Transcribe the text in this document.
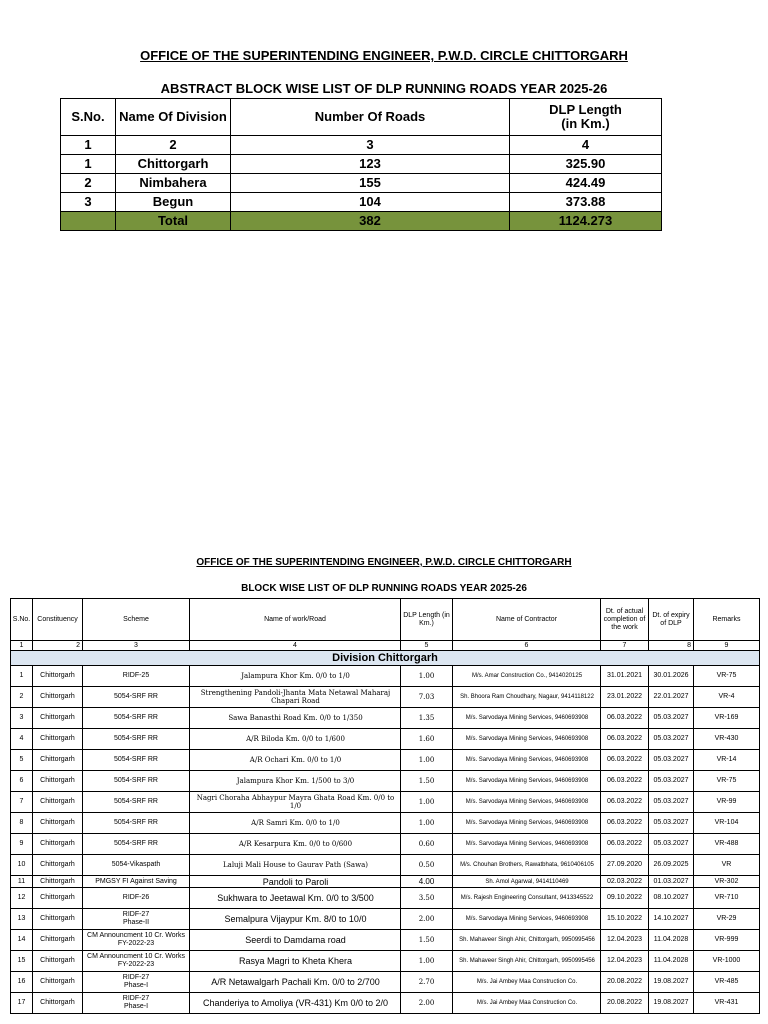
OFFICE OF THE SUPERINTENDING ENGINEER, P.W.D. CIRCLE CHITTORGARH
ABSTRACT BLOCK WISE LIST OF DLP RUNNING ROADS YEAR 2025-26
S.No.	Name Of Division	Number Of Roads	DLP Length
(in Km.)
1	2	3	4
1	Chittorgarh	123	325.90
2	Nimbahera	155	424.49
3	Begun	104	373.88
	Total	382	1124.273
OFFICE OF THE SUPERINTENDING ENGINEER, P.W.D. CIRCLE CHITTORGARH
BLOCK WISE LIST OF DLP RUNNING ROADS YEAR 2025-26
S.No.	Constituency	Scheme	Name of work/Road	DLP Length (in Km.)	Name of Contractor	Dt. of actual completion of the work	Dt. of expiry of DLP	Remarks
1	2	3	4	5	6	7	8	9
Division Chittorgarh								
1	Chittorgarh	RIDF-25	Jalampura Khor Km. 0/0 to 1/0	1.00	M/s. Amar Construction Co., 9414020125	31.01.2021	30.01.2026	VR-75
2	Chittorgarh	5054-SRF RR	Strengthening Pandoli-Jhanta Mata Netawal Maharaj Chapari Road	7.03	Sh. Bhoora Ram Choudhary, Nagaur, 9414118122	23.01.2022	22.01.2027	VR-4
3	Chittorgarh	5054-SRF RR	Sawa Banasthi Road Km. 0/0 to 1/350	1.35	M/s. Sarvodaya Mining Services, 9460693908	06.03.2022	05.03.2027	VR-169
4	Chittorgarh	5054-SRF RR	A/R Biloda Km. 0/0 to 1/600	1.60	M/s. Sarvodaya Mining Services, 9460693908	06.03.2022	05.03.2027	VR-430
5	Chittorgarh	5054-SRF RR	A/R Ochari Km. 0/0 to 1/0	1.00	M/s. Sarvodaya Mining Services, 9460693908	06.03.2022	05.03.2027	VR-14
6	Chittorgarh	5054-SRF RR	Jalampura Khor Km. 1/500 to 3/0	1.50	M/s. Sarvodaya Mining Services, 9460693908	06.03.2022	05.03.2027	VR-75
7	Chittorgarh	5054-SRF RR	Nagri Choraha Abhaypur Mayra Ghata Road Km. 0/0 to 1/0	1.00	M/s. Sarvodaya Mining Services, 9460693908	06.03.2022	05.03.2027	VR-99
8	Chittorgarh	5054-SRF RR	A/R Samri Km. 0/0 to 1/0	1.00	M/s. Sarvodaya Mining Services, 9460693908	06.03.2022	05.03.2027	VR-104
9	Chittorgarh	5054-SRF RR	A/R Kesarpura Km. 0/0 to 0/600	0.60	M/s. Sarvodaya Mining Services, 9460693908	06.03.2022	05.03.2027	VR-488
10	Chittorgarh	5054-Vikaspath	Laluji Mali House to Gaurav Path (Sawa)	0.50	M/s. Chouhan Brothers, Rawatbhata, 9610406105	27.09.2020	26.09.2025	VR
11	Chittorgarh	PMGSY FI Against Saving	Pandoli to Paroli	4.00	Sh. Amol Agarwal, 9414110469	02.03.2022	01.03.2027	VR-302
12	Chittorgarh	RIDF-26	Sukhwara to Jeetawal Km. 0/0 to 3/500	3.50	M/s. Rajesh Engineering Consultant, 9413345522	09.10.2022	08.10.2027	VR-710
13	Chittorgarh	RIDF-27
Phase-II	Semalpura Vijaypur Km. 8/0 to 10/0	2.00	M/s. Sarvodaya Mining Services, 9460693908	15.10.2022	14.10.2027	VR-29
14	Chittorgarh	CM Announcment 10 Cr. Works
FY-2022-23	Seerdi to Damdama road	1.50	Sh. Mahaveer Singh Ahir, Chittorgarh, 9950995456	12.04.2023	11.04.2028	VR-999
15	Chittorgarh	CM Announcment 10 Cr. Works
FY-2022-23	Rasya Magri to Kheta Khera	1.00	Sh. Mahaveer Singh Ahir, Chittorgarh, 9950995456	12.04.2023	11.04.2028	VR-1000
16	Chittorgarh	RIDF-27
Phase-I	A/R Netawalgarh Pachali Km. 0/0 to 2/700	2.70	M/s. Jai Ambey Maa Construction Co.	20.08.2022	19.08.2027	VR-485
17	Chittorgarh	RIDF-27
Phase-I	Chanderiya to Amoliya (VR-431) Km 0/0 to 2/0	2.00	M/s. Jai Ambey Maa Construction Co.	20.08.2022	19.08.2027	VR-431
